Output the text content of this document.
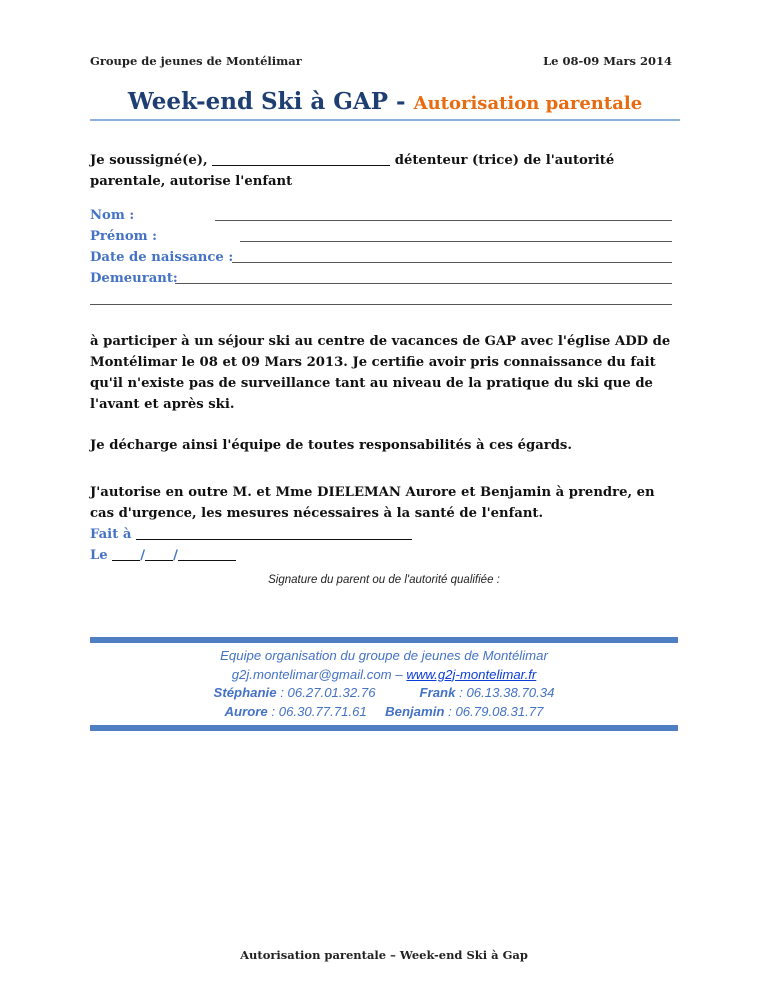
Groupe de jeunes de Montélimar	Le 08-09 Mars 2014
Week-end Ski à GAP - Autorisation parentale
Je soussigné(e),	détenteur (trice) de l'autorité
parentale, autorise l'enfant
Nom :
Prénom :
Date de naissance :
Demeurant:
à participer à un séjour ski au centre de vacances de GAP avec l'église ADD de Montélimar le 08 et 09 Mars 2013. Je certifie avoir pris connaissance du fait qu'il n'existe pas de surveillance tant au niveau de la pratique du ski que de l'avant et après ski.
Je décharge ainsi l'équipe de toutes responsabilités à ces égards.
J'autorise en outre M. et Mme DIELEMAN Aurore et Benjamin à prendre, en cas d'urgence, les mesures nécessaires à la santé de l'enfant.
Fait à
Le / /
Signature du parent ou de l'autorité qualifiée :
Equipe organisation du groupe de jeunes de Montélimar
g2j.montelimar@gmail.com – www.g2j-montelimar.fr
Stéphanie : 06.27.01.32.76	Frank : 06.13.38.70.34
Aurore : 06.30.77.71.61 Benjamin : 06.79.08.31.77
Autorisation parentale – Week-end Ski à Gap
